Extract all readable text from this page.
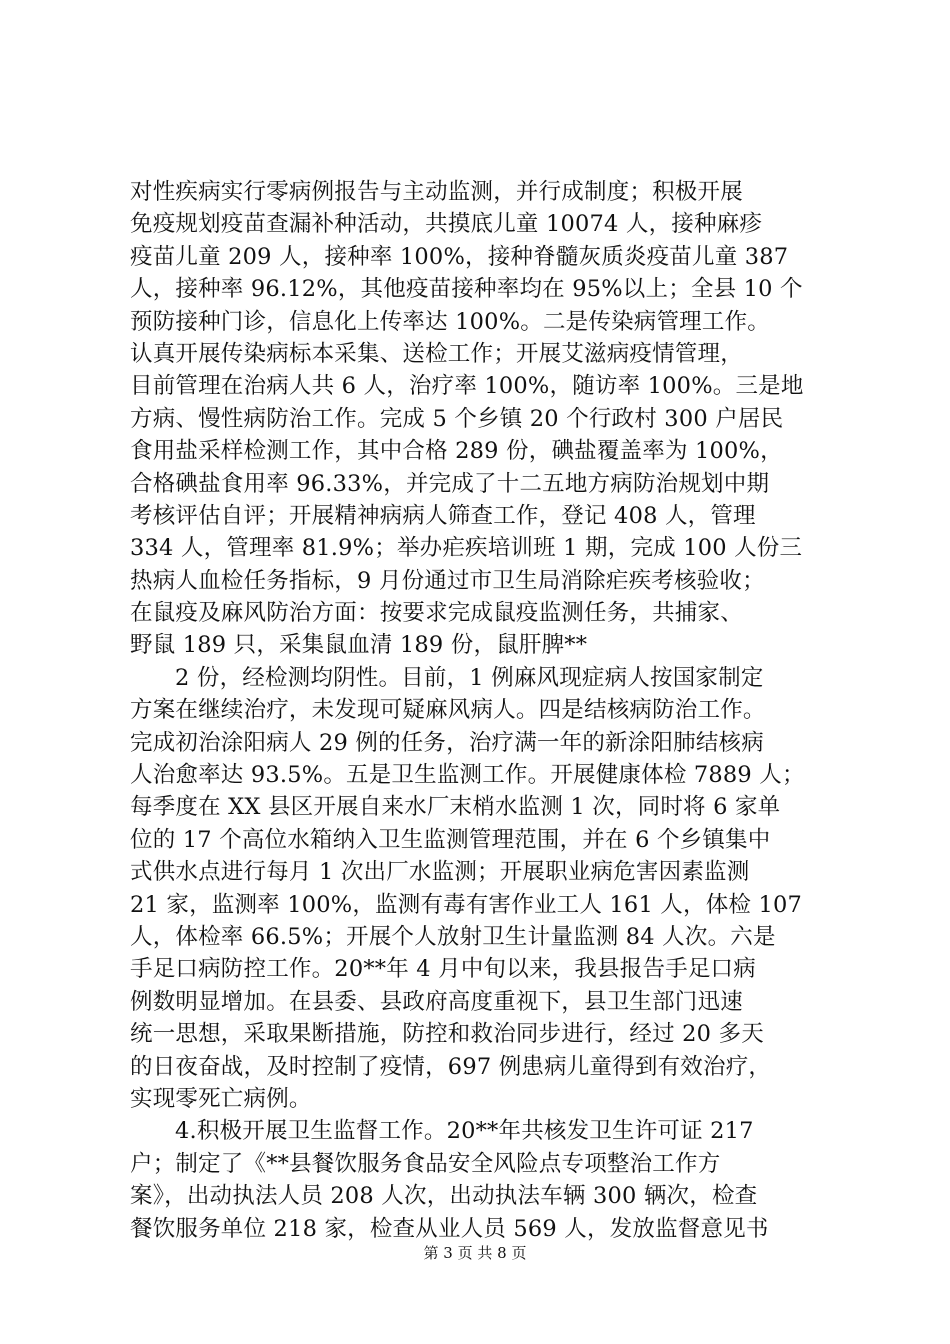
对性疾病实行零病例报告与主动监测，并行成制度；积极开展
免疫规划疫苗查漏补种活动，共摸底儿童 10074 人，接种麻疹
疫苗儿童 209 人，接种率 100%，接种脊髓灰质炎疫苗儿童 387
人，接种率 96.12%，其他疫苗接种率均在 95%以上；全县 10 个
预防接种门诊，信息化上传率达 100%。二是传染病管理工作。
认真开展传染病标本采集、送检工作；开展艾滋病疫情管理，
目前管理在治病人共 6 人，治疗率 100%，随访率 100%。三是地
方病、慢性病防治工作。完成 5 个乡镇 20 个行政村 300 户居民
食用盐采样检测工作，其中合格 289 份，碘盐覆盖率为 100%，
合格碘盐食用率 96.33%，并完成了十二五地方病防治规划中期
考核评估自评；开展精神病病人筛查工作，登记 408 人，管理
334 人，管理率 81.9%；举办疟疾培训班 1 期，完成 100 人份三
热病人血检任务指标，9 月份通过市卫生局消除疟疾考核验收；
在鼠疫及麻风防治方面：按要求完成鼠疫监测任务，共捕家、
野鼠 189 只，采集鼠血清 189 份，鼠肝脾**
2 份，经检测均阴性。目前，1 例麻风现症病人按国家制定
方案在继续治疗，未发现可疑麻风病人。四是结核病防治工作。
完成初治涂阳病人 29 例的任务，治疗满一年的新涂阳肺结核病
人治愈率达 93.5%。五是卫生监测工作。开展健康体检 7889 人；
每季度在 XX 县区开展自来水厂末梢水监测 1 次，同时将 6 家单
位的 17 个高位水箱纳入卫生监测管理范围，并在 6 个乡镇集中
式供水点进行每月 1 次出厂水监测；开展职业病危害因素监测
21 家，监测率 100%，监测有毒有害作业工人 161 人，体检 107
人，体检率 66.5%；开展个人放射卫生计量监测 84 人次。六是
手足口病防控工作。20**年 4 月中旬以来，我县报告手足口病
例数明显增加。在县委、县政府高度重视下，县卫生部门迅速
统一思想，采取果断措施，防控和救治同步进行，经过 20 多天
的日夜奋战，及时控制了疫情，697 例患病儿童得到有效治疗，
实现零死亡病例。
4.积极开展卫生监督工作。20**年共核发卫生许可证 217
户；制定了《**县餐饮服务食品安全风险点专项整治工作方
案》，出动执法人员 208 人次，出动执法车辆 300 辆次，检查
餐饮服务单位 218 家，检查从业人员 569 人，发放监督意见书
第 3 页 共 8 页
